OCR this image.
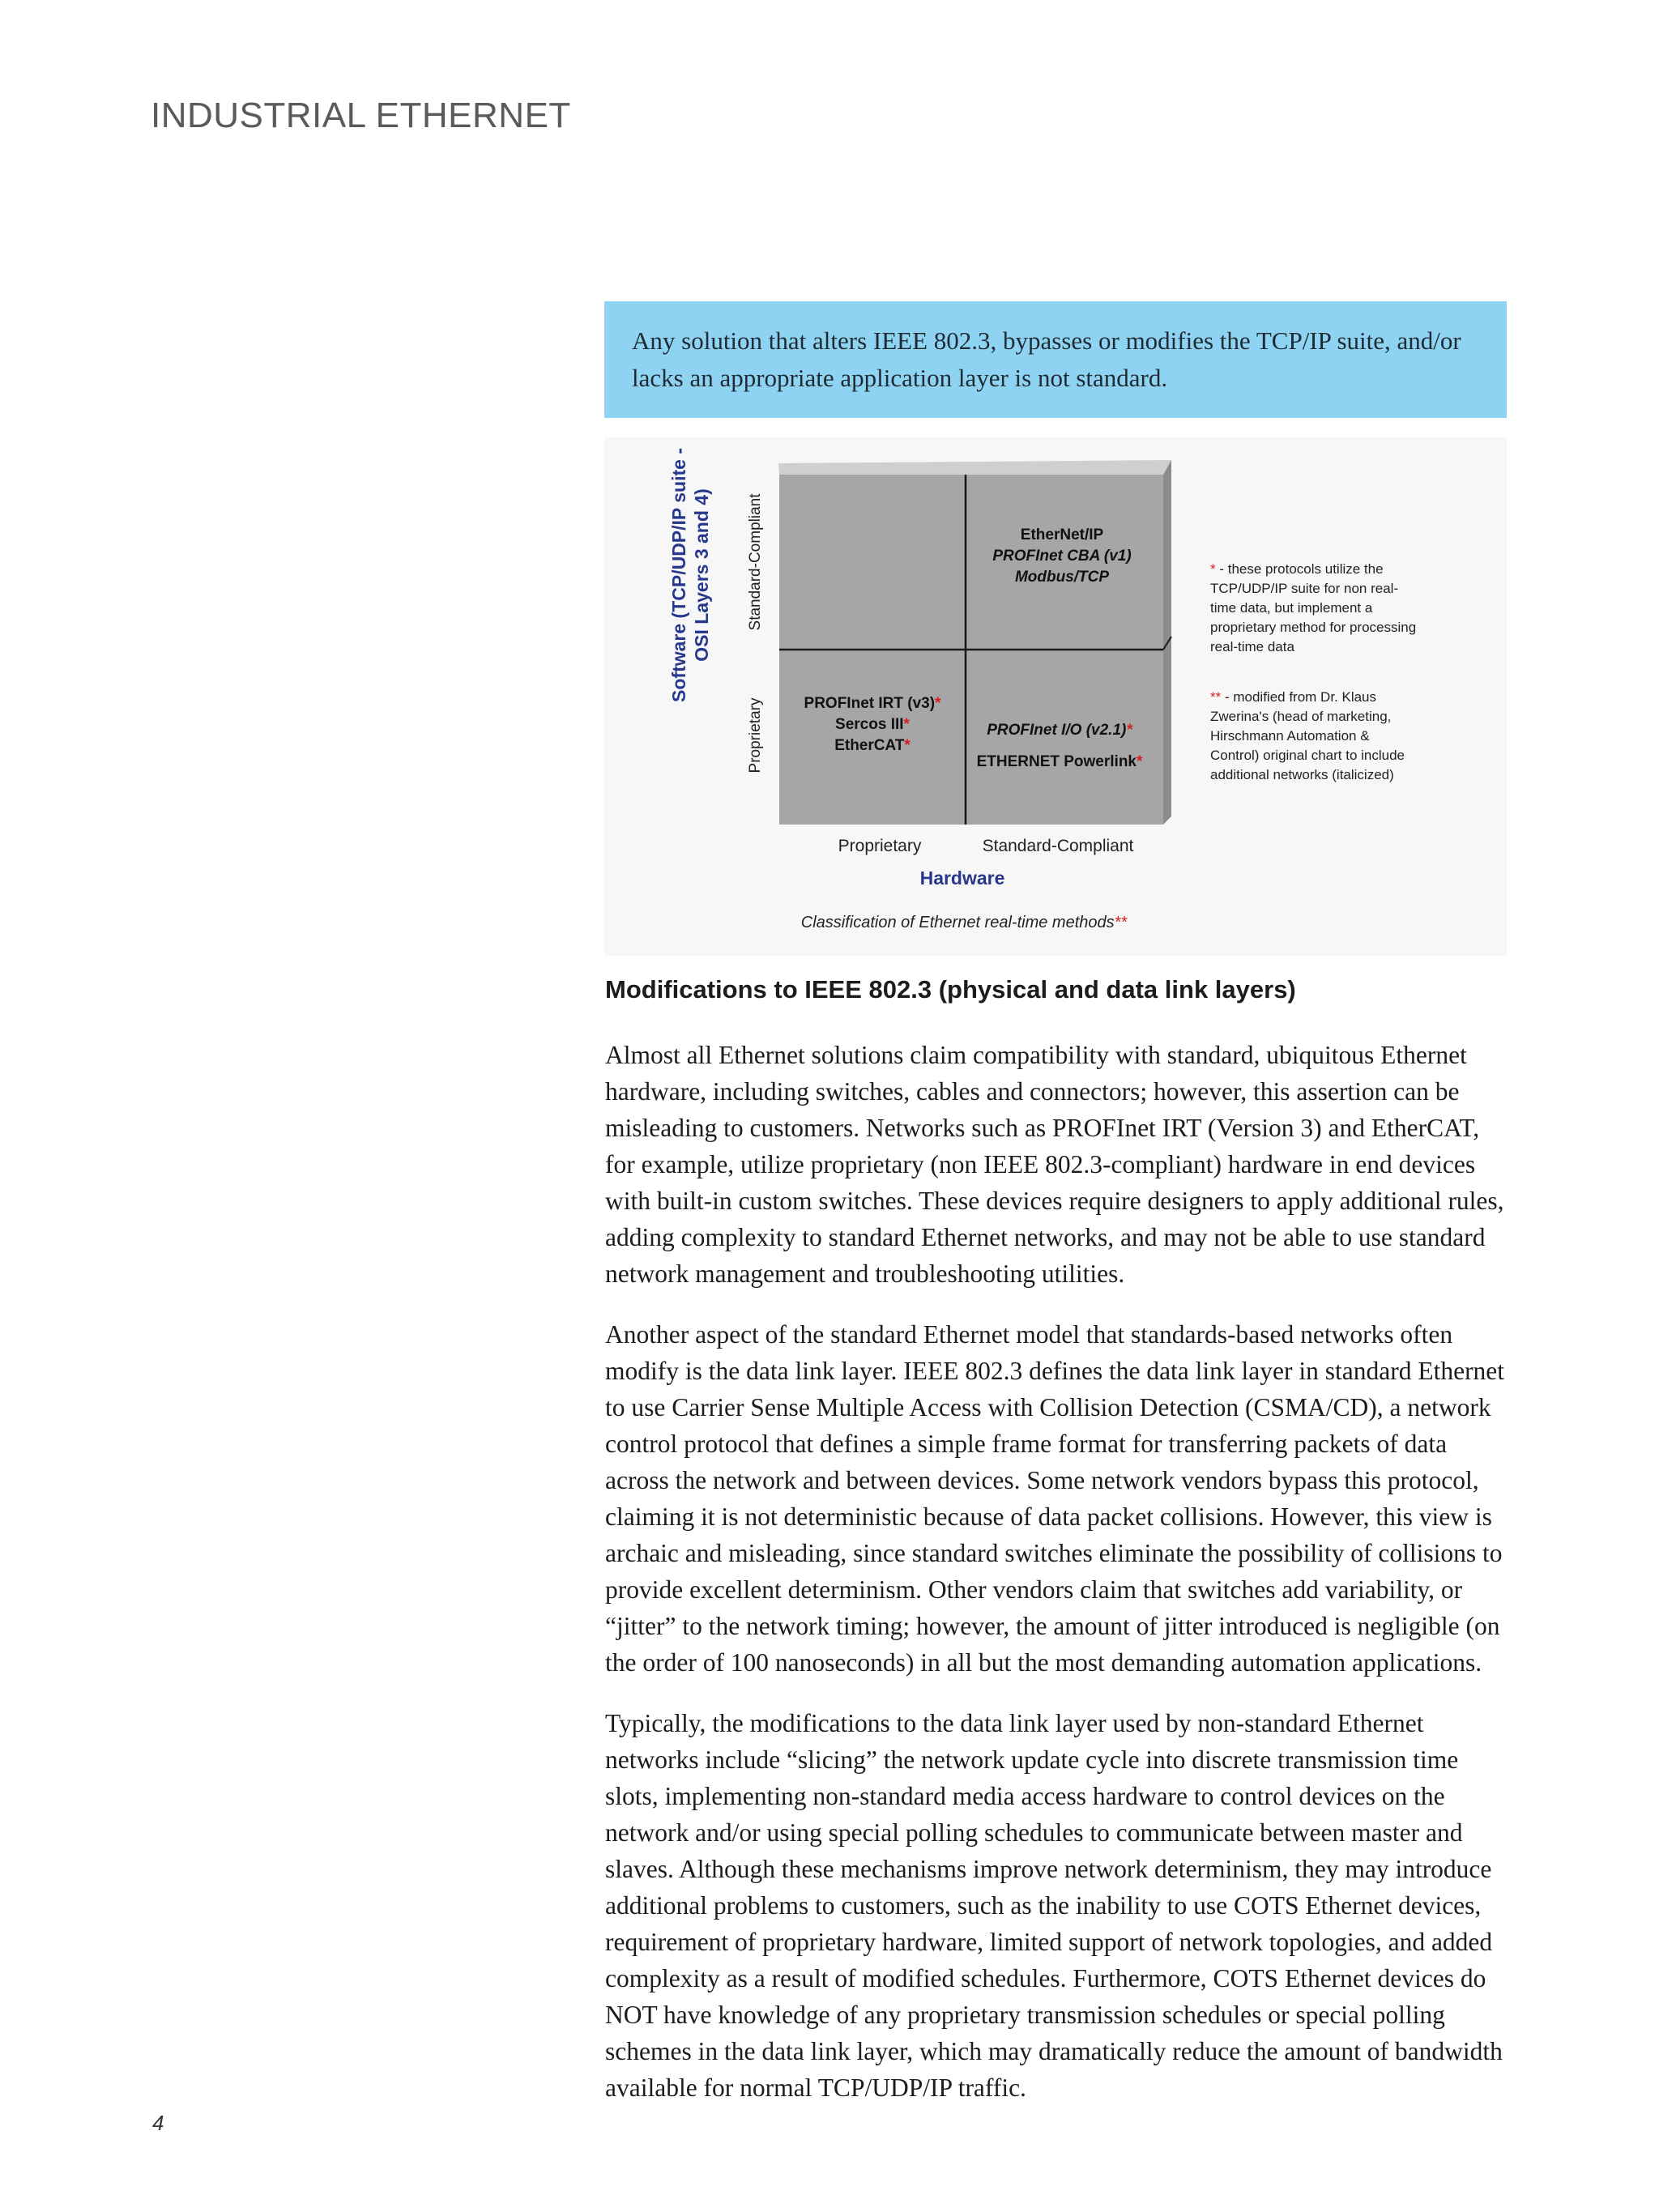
INDUSTRIAL ETHERNET
Any solution that alters IEEE 802.3, bypasses or modifies the TCP/IP suite, and/or lacks an appropriate application layer is not standard.
Software (TCP/UDP/IP suite - OSI Layers 3 and 4) Standard-Compliant
Proprietary
EtherNet/IP
PROFInet CBA (v1)
Modbus/TCP
PROFInet IRT (v3)*
Sercos III*
EtherCAT*
PROFInet I/O (v2.1)*
ETHERNET Powerlink*
Proprietary	Standard-Compliant
Hardware
Classification of Ethernet real-time methods**
* - these protocols utilize the TCP/UDP/IP suite for non real- time data, but implement a proprietary method for processing real-time data
** - modified from Dr. Klaus Zwerina's (head of marketing, Hirschmann Automation & Control) original chart to include additional networks (italicized)
Modifications to IEEE 802.3 (physical and data link layers)

Almost all Ethernet solutions claim compatibility with standard, ubiquitous Ethernet hardware, including switches, cables and connectors; however, this assertion can be misleading to customers. Networks such as PROFInet IRT (Version 3) and EtherCAT, for example, utilize proprietary (non IEEE 802.3-compliant) hardware in end devices with built-in custom switches. These devices require designers to apply additional rules, adding complexity to standard Ethernet networks, and may not be able to use standard network management and troubleshooting utilities.

Another aspect of the standard Ethernet model that standards-based networks often modify is the data link layer. IEEE 802.3 defines the data link layer in standard Ethernet to use Carrier Sense Multiple Access with Collision Detection (CSMA/CD), a network control protocol that defines a simple frame format for transferring packets of data across the network and between devices. Some network vendors bypass this protocol, claiming it is not deterministic because of data packet collisions. However, this view is archaic and misleading, since standard switches eliminate the possibility of collisions to provide excellent determinism. Other vendors claim that switches add variability, or “jitter” to the network timing; however, the amount of jitter introduced is negligible (on the order of 100 nanoseconds) in all but the most demanding automation applications.

Typically, the modifications to the data link layer used by non-standard Ethernet networks include “slicing” the network update cycle into discrete transmission time slots, implementing non-standard media access hardware to control devices on the network and/or using special polling schedules to communicate between master and slaves. Although these mechanisms improve network determinism, they may introduce additional problems to customers, such as the inability to use COTS Ethernet devices, requirement of proprietary hardware, limited support of network topologies, and added complexity as a result of modified schedules. Furthermore, COTS Ethernet devices do NOT have knowledge of any proprietary transmission schedules or special polling schemes in the data link layer, which may dramatically reduce the amount of bandwidth available for normal TCP/UDP/IP traffic.

4
